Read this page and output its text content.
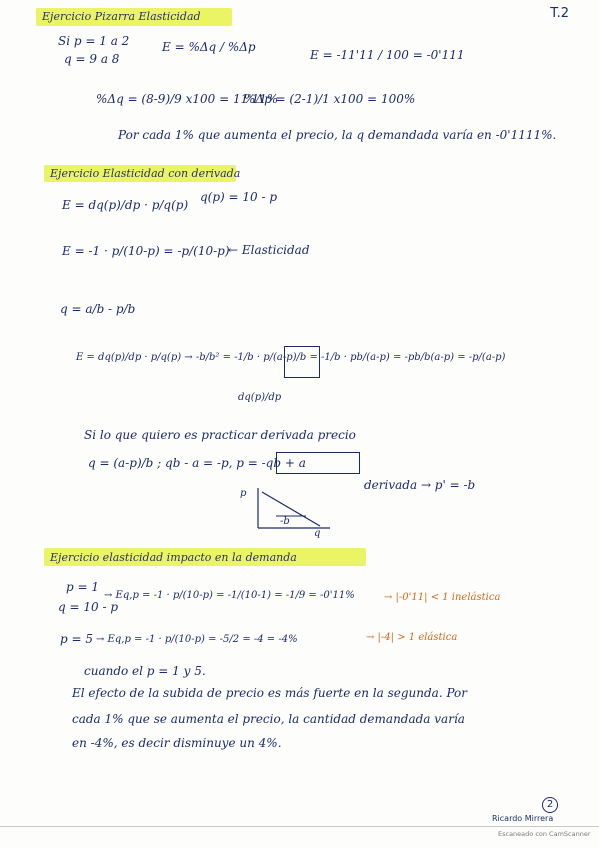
T.2
Ejercicio Pizarra Elasticidad
Si p = 1 a 2
q = 9 a 8
E = %Δq / %Δp
E = -11'11 / 100 = -0'111
%Δq = (8-9)/9 x100 = 11'11%
%Δp = (2-1)/1 x100 = 100%
Por cada 1% que aumenta el precio, la q demandada varía en -0'1111%.
Ejercicio Elasticidad con derivada
E = dq(p)/dp · p/q(p)
q(p) = 10 - p
E = -1 · p/(10-p) = -p/(10-p)
← Elasticidad
q = a/b - p/b
E = dq(p)/dp · p/q(p) → -b/b² = -1/b · p/(a-p)/b = -1/b · pb/(a-p) = -pb/b(a-p) = -p/(a-p)
dq(p)/dp
Si lo que quiero es practicar derivada precio
q = (a-p)/b ; qb - a = -p, p = -qb + a
derivada → p' = -b
p
q
-b
Ejercicio elasticidad impacto en la demanda
p = 1
q = 10 - p
→ Eq,p = -1 · p/(10-p) = -1/(10-1) = -1/9 = -0'11%	→ |-0'11| < 1 inelástica
p = 5 → Eq,p = -1 · p/(10-p) = -5/2 = -4 = -4%	→ |-4| > 1 elástica
cuando el p = 1 y 5.
El efecto de la subida de precio es más fuerte en la segunda. Por
cada 1% que se aumenta el precio, la cantidad demandada varía
en -4%, es decir disminuye un 4%.
2
Ricardo Mirrera
Escaneado con CamScanner
